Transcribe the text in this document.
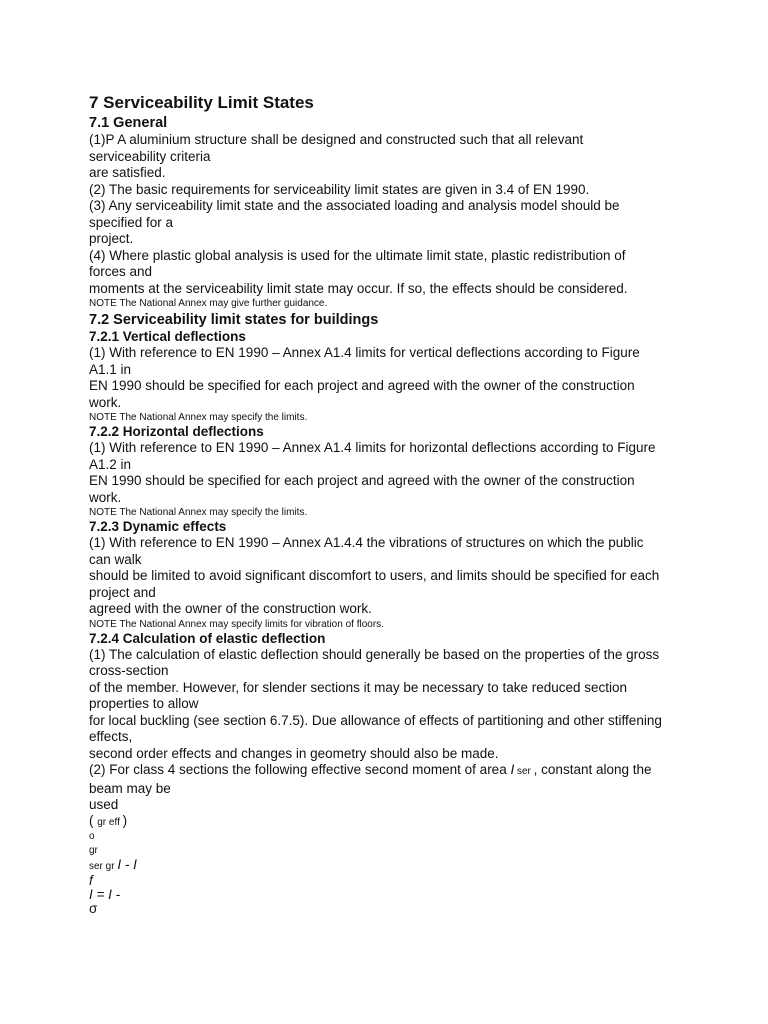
7 Serviceability Limit States
7.1 General
(1)P A aluminium structure shall be designed and constructed such that all relevant
serviceability criteria
are satisfied.
(2) The basic requirements for serviceability limit states are given in 3.4 of EN 1990.
(3) Any serviceability limit state and the associated loading and analysis model should be
specified for a
project.
(4) Where plastic global analysis is used for the ultimate limit state, plastic redistribution of
forces and
moments at the serviceability limit state may occur. If so, the effects should be considered.
NOTE The National Annex may give further guidance.
7.2 Serviceability limit states for buildings
7.2.1 Vertical deflections
(1) With reference to EN 1990 – Annex A1.4 limits for vertical deflections according to Figure
A1.1 in
EN 1990 should be specified for each project and agreed with the owner of the construction
work.
NOTE The National Annex may specify the limits.
7.2.2 Horizontal deflections
(1) With reference to EN 1990 – Annex A1.4 limits for horizontal deflections according to Figure
A1.2 in
EN 1990 should be specified for each project and agreed with the owner of the construction
work.
NOTE The National Annex may specify the limits.
7.2.3 Dynamic effects
(1) With reference to EN 1990 – Annex A1.4.4 the vibrations of structures on which the public
can walk
should be limited to avoid significant discomfort to users, and limits should be specified for each
project and
agreed with the owner of the construction work.
NOTE The National Annex may specify limits for vibration of floors.
7.2.4 Calculation of elastic deflection
(1) The calculation of elastic deflection should generally be based on the properties of the gross
cross-section
of the member. However, for slender sections it may be necessary to take reduced section
properties to allow
for local buckling (see section 6.7.5). Due allowance of effects of partitioning and other stiffening
effects,
second order effects and changes in geometry should also be made.
(2) For class 4 sections the following effective second moment of area I ser , constant along the
beam may be
used
( gr eff )
o
gr
ser gr I - I
f
I = I -
σ
